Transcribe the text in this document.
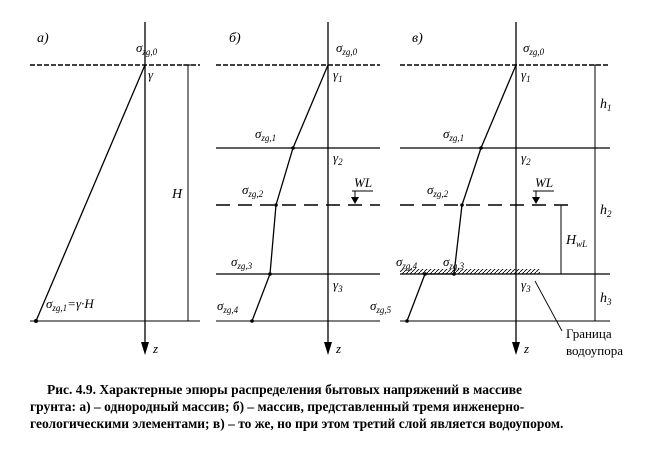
а)
z
H
$\sigma_{zg,0}$
γ
$\sigma_{zg,1}=\gamma\cdot H$
б)
z
WL
$\sigma_{zg,0}$
$\gamma_1$
$\gamma_2$
$\gamma_3$
$\sigma_{zg,1}$
$\sigma_{zg,2}$
$\sigma_{zg,3}$
$\sigma_{zg,4}$
в)
z
WL
$H_{wL}$
$h_1$
$h_2$
$h_3$
Граница
водоупора
$\sigma_{zg,0}$
$\gamma_1$
$\gamma_2$
$\gamma_3$
$\sigma_{zg,1}$
$\sigma_{zg,2}$
$\sigma_{zg,4}$ $\sigma_{zg,3}$
$\sigma_{zg,5}$
Рис. 4.9. Характерные эпюры распределения бытовых напряжений в массиве
грунта: а) – однородный массив; б) – массив, представленный тремя инженерно-
геологическими элементами; в) – то же, но при этом третий слой является водоупором.
